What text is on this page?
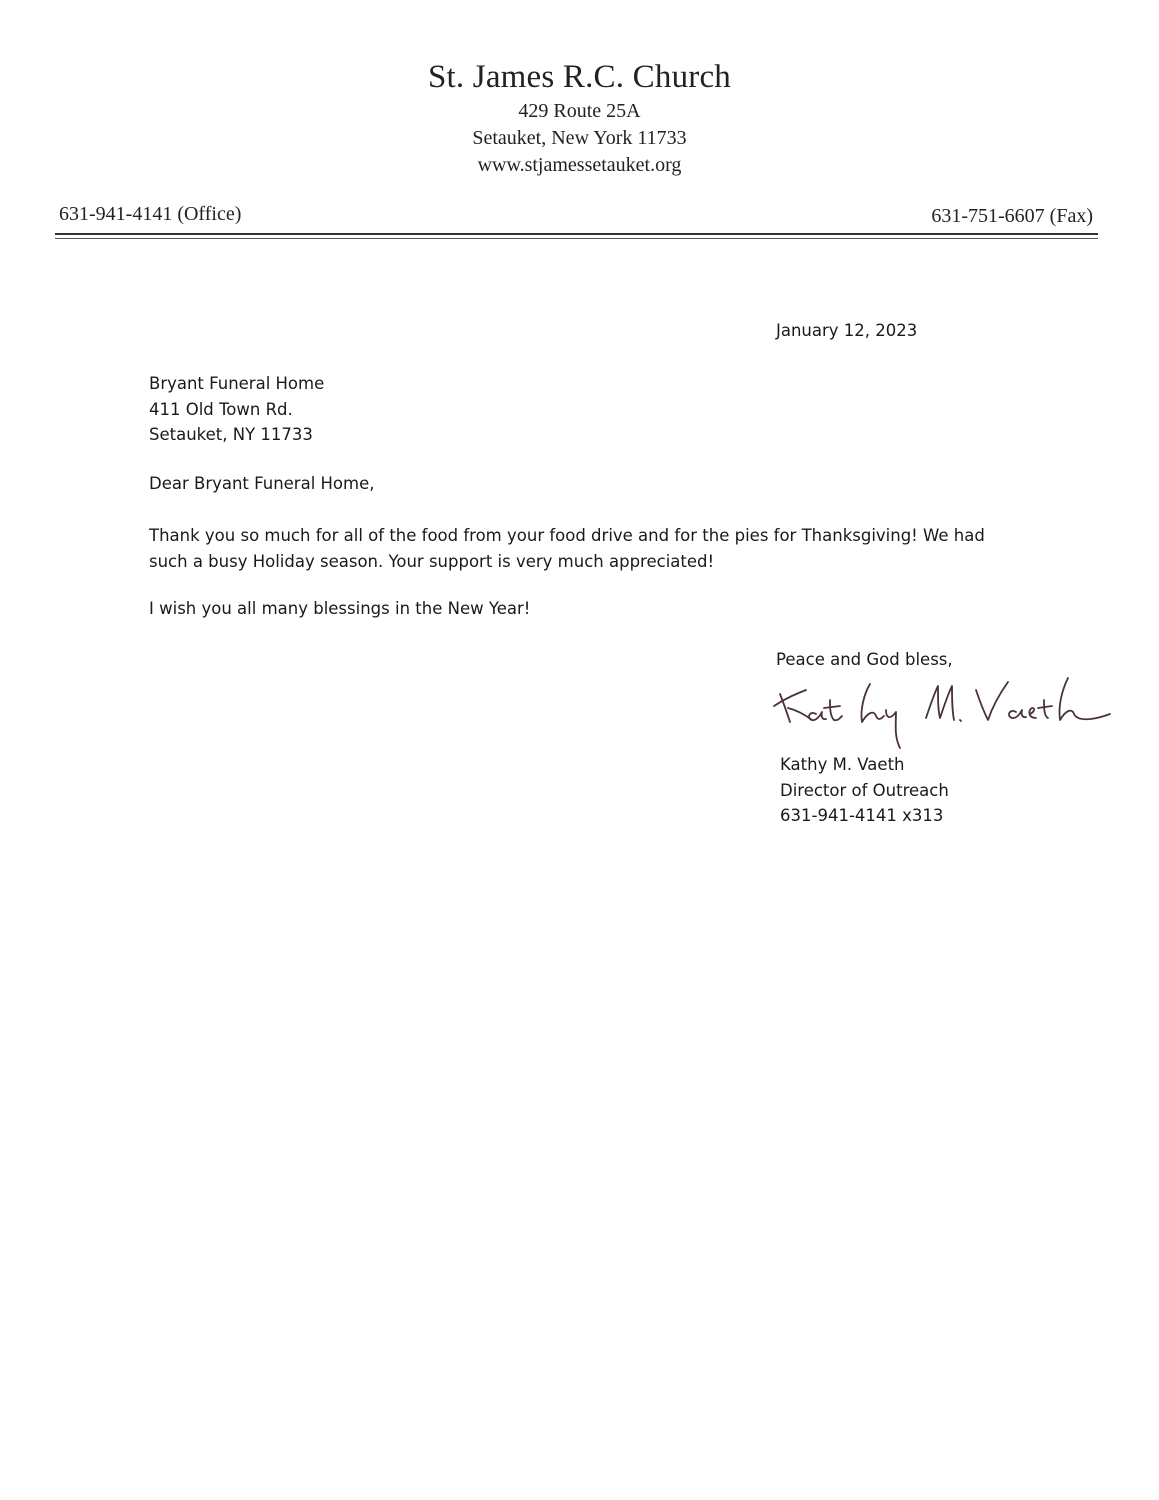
St. James R.C. Church
429 Route 25A
Setauket, New York 11733
www.stjamessetauket.org
631-941-4141 (Office)	631-751-6607 (Fax)
January 12, 2023
Bryant Funeral Home
411 Old Town Rd.
Setauket, NY 11733
Dear Bryant Funeral Home,
Thank you so much for all of the food from your food drive and for the pies for Thanksgiving! We had
such a busy Holiday season. Your support is very much appreciated!
I wish you all many blessings in the New Year!
Peace and God bless,
Kathy M. Vaeth
Director of Outreach
631-941-4141 x313
